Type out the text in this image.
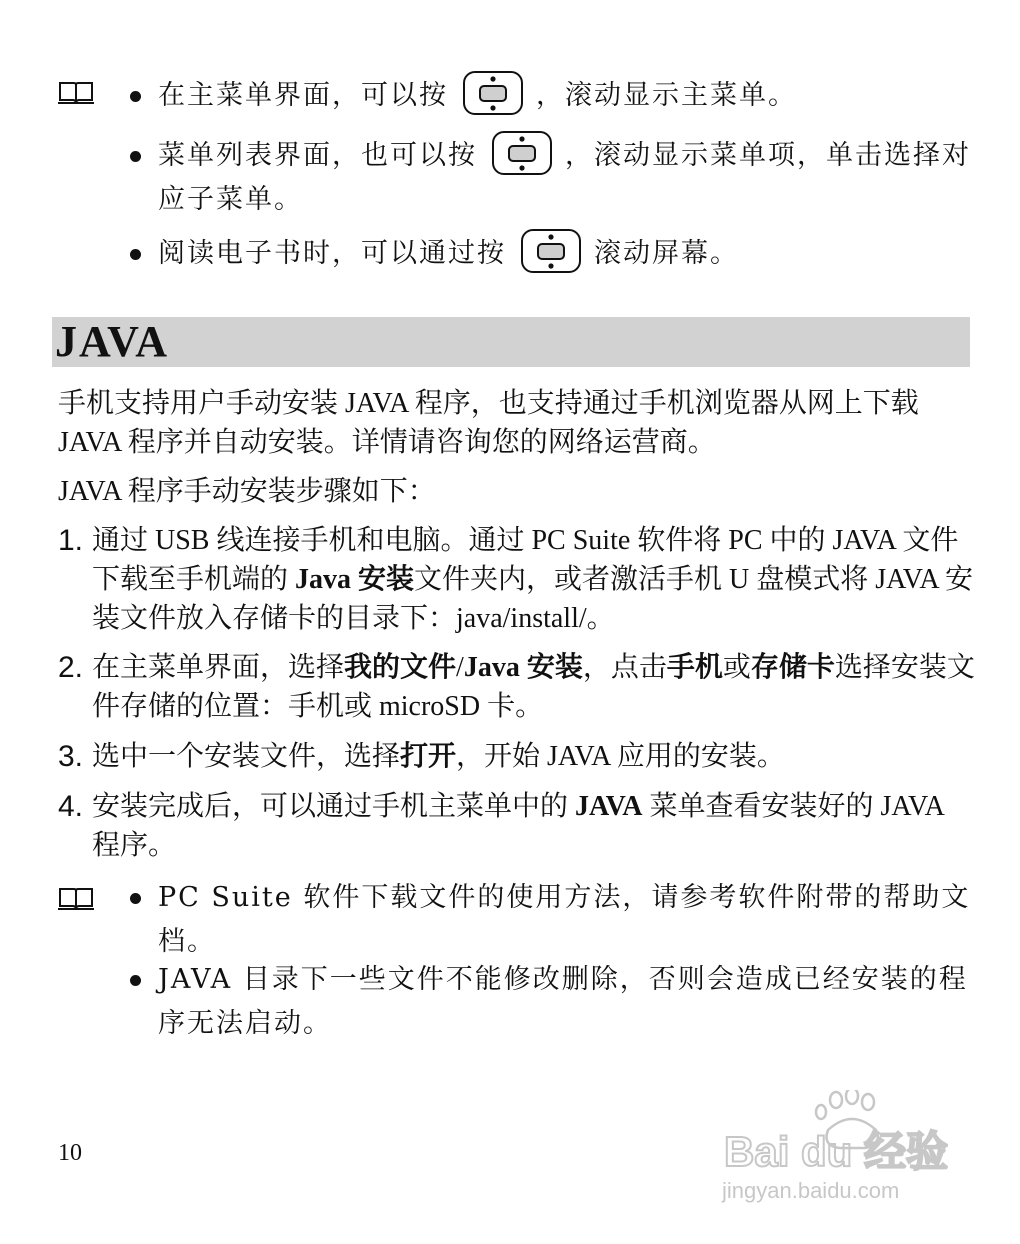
在主菜单界面，可以按	，滚动显示主菜单。
菜单列表界面，也可以按	，滚动显示菜单项，单击选择对应子菜单。
阅读电子书时，可以通过按	滚动屏幕。
JAVA
手机支持用户手动安装 JAVA 程序，也支持通过手机浏览器从网上下载 JAVA 程序并自动安装。详情请咨询您的网络运营商。
JAVA 程序手动安装步骤如下：
1. 通过 USB 线连接手机和电脑。通过 PC Suite 软件将 PC 中的 JAVA 文件下载至手机端的 Java 安装文件夹内，或者激活手机 U 盘模式将 JAVA 安装文件放入存储卡的目录下：java/install/。
2. 在主菜单界面，选择我的文件/Java 安装，点击手机或存储卡选择安装文件存储的位置：手机或 microSD 卡。
3. 选中一个安装文件，选择打开，开始 JAVA 应用的安装。
4. 安装完成后，可以通过手机主菜单中的 JAVA 菜单查看安装好的 JAVA 程序。
PC Suite 软件下载文件的使用方法，请参考软件附带的帮助文档。
JAVA 目录下一些文件不能修改删除，否则会造成已经安装的程序无法启动。
10	Bai du 经验
jingyan.baidu.com
